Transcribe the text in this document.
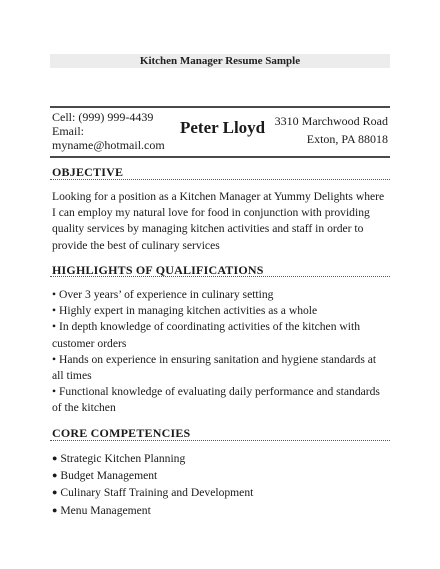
Kitchen Manager Resume Sample
Cell: (999) 999-4439
Email:
myname@hotmail.com
Peter Lloyd 3310 Marchwood Road
Exton, PA 88018
OBJECTIVE

Looking for a position as a Kitchen Manager at Yummy Delights where I can employ my natural love for food in conjunction with providing quality services by managing kitchen activities and staff in order to provide the best of culinary services

HIGHLIGHTS OF QUALIFICATIONS
• Over 3 years’ of experience in culinary setting
• Highly expert in managing kitchen activities as a whole
• In depth knowledge of coordinating activities of the kitchen with customer orders
• Hands on experience in ensuring sanitation and hygiene standards at all times
• Functional knowledge of evaluating daily performance and standards of the kitchen
CORE COMPETENCIES
● Strategic Kitchen Planning
● Budget Management
● Culinary Staff Training and Development
● Menu Management
